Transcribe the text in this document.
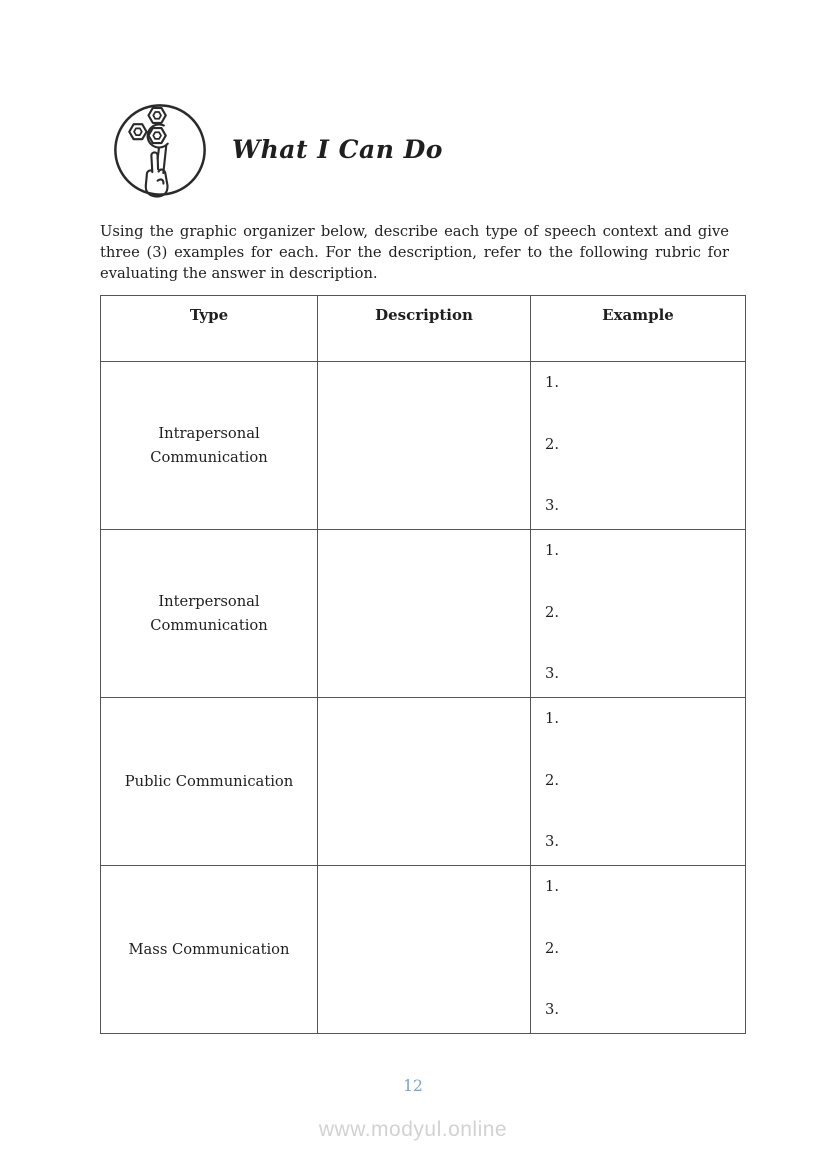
What I Can Do

Using the graphic organizer below, describe each type of speech context and give three (3) examples for each. For the description, refer to the following rubric for evaluating the answer in description.

Type	Description	Example
Intrapersonal Communication		1.
2.
3.

Interpersonal Communication		1.
2.
3.

Public Communication		1.
2.
3.

Mass Communication		1.
2.
3.
12
www.modyul.online
